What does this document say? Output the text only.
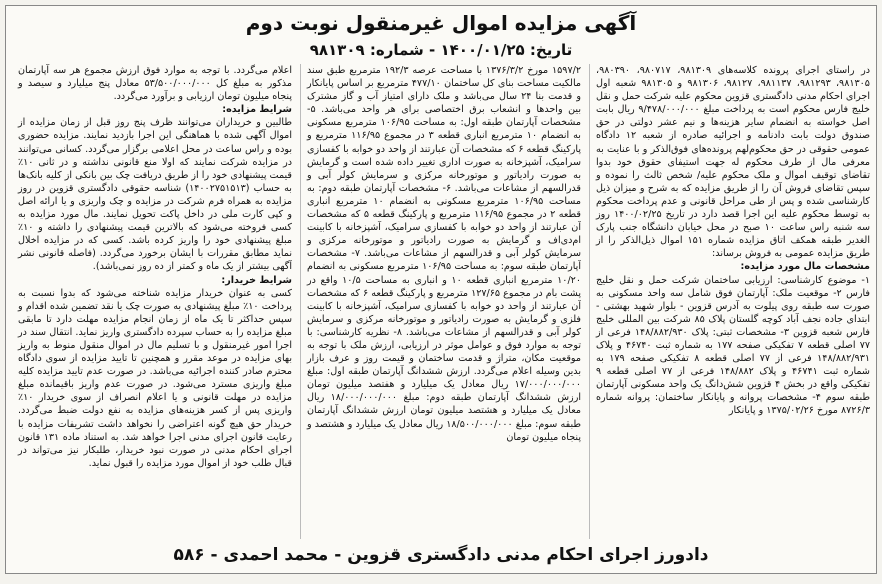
آگهی مزایده اموال غیرمنقول نوبت دوم
تاریخ: ۱۴۰۰/۰۱/۲۵ - شماره: ۹۸۱۳۰۹

در راستای اجرای پرونده کلاسه‌های ۹۸۱۳۰۹، ۹۸۰۷۱۷، ۹۸۰۳۹۰، ۹۸۱۳۰۵، ۹۸۱۲۹۳، ۹۸۱۱۳۷، ۹۸۱۲۷، ۹۸۱۳۰۶ و ۹۸۱۳۰۵ شعبه اول اجرای احکام مدنی دادگستری قزوین محکوم علیه شرکت حمل و نقل خلیج فارس محکوم است به پرداخت مبلغ ۹/۴۷۸/۰۰۰/۰۰۰ ریال بابت اصل خواسته به انضمام سایر هزینه‌ها و نیم عشر دولتی در حق صندوق دولت بابت دادنامه و اجرائیه صادره از شعبه ۱۲ دادگاه عمومی حقوقی در حق محکوم‌لهم پرونده‌های فوق‌الذکر و با عنایت به معرفی مال از طرف محکوم له جهت استیفای حقوق خود بدوا تقاضای توقیف اموال و ملک محکوم علیه/ شخص ثالث را نموده و سپس تقاضای فروش آن را از طریق مزایده که به شرح و میزان ذیل کارشناسی شده و پس از طی مراحل قانونی و عدم پرداخت محکوم به توسط محکوم علیه این اجرا قصد دارد در تاریخ ۱۴۰۰/۰۲/۲۵ روز سه شنبه راس ساعت ۱۰ صبح در محل خیابان دانشگاه جنب پارک الغدیر طبقه همکف اتاق مزایده شماره ۱۵۱ اموال ذیل‌الذکر را از طریق مزایده عمومی به فروش برساند:

مشخصات مال مورد مزایده:

۱- موضوع کارشناسی: ارزیابی ساختمان شرکت حمل و نقل خلیج فارس ۲- موقعیت ملک: آپارتمان فوق شامل سه واحد مسکونی به صورت سه طبقه روی پیلوت به آدرس قزوین - بلوار شهید بهشتی - ابتدای جاده نجف آباد کوچه گلستان پلاک ۸۵ شرکت بین المللی خلیج فارس شعبه قزوین ۳- مشخصات ثبتی: پلاک ۱۴۸/۸۸۲/۹۳۰ فرعی از ۷۷ اصلی قطعه ۷ تفکیکی صفحه ۱۷۷ به شماره ثبت ۴۶۷۴۰ و پلاک ۱۴۸/۸۸۲/۹۳۱ فرعی از ۷۷ اصلی قطعه ۸ تفکیکی صفحه ۱۷۹ به شماره ثبت ۴۶۷۴۱ و پلاک ۱۴۸/۸۸۲ فرعی از ۷۷ اصلی قطعه ۹ تفکیکی واقع در بخش ۴ قزوین شش‌دانگ یک واحد مسکونی آپارتمان طبقه سوم ۴- مشخصات پروانه و پایانکار ساختمان: پروانه شماره ۸۷۲۶/۳ مورخ ۱۳۷۵/۰۲/۲۶ و پایانکار

۱۵۹۷/۲ مورخ ۱۳۷۶/۳/۲ با مساحت عرصه ۱۹۲/۳ مترمربع طبق سند مالکیت مساحت بنای کل ساختمان ۴۷۷/۱۰ مترمربع بر اساس پایانکار و قدمت بنا ۲۴ سال می‌باشد و ملک دارای امتیاز آب و گاز مشترک بین واحدها و انشعاب برق اختصاصی برای هر واحد می‌باشد. ۵- مشخصات آپارتمان طبقه اول: به مساحت ۱۰۶/۹۵ مترمربع مسکونی به انضمام ۱۰ مترمربع انباری قطعه ۳ در مجموع ۱۱۶/۹۵ مترمربع و پارکینگ قطعه ۶ که مشخصات آن عبارتند از واحد دو خوابه با کفسازی سرامیک، آشپزخانه به صورت اداری تغییر داده شده است و گرمایش به صورت رادیاتور و موتورخانه مرکزی و سرمایش کولر آبی و قدرالسهم از مشاعات می‌باشد. ۶- مشخصات آپارتمان طبقه دوم: به مساحت ۱۰۶/۹۵ مترمربع مسکونی به انضمام ۱۰ مترمربع انباری قطعه ۲ در مجموع ۱۱۶/۹۵ مترمربع و پارکینگ قطعه ۵ که مشخصات آن عبارتند از واحد دو خوابه با کفسازی سرامیک، آشپزخانه با کابینت ام‌دی‌اف و گرمایش به صورت رادیاتور و موتورخانه مرکزی و سرمایش کولر آبی و قدرالسهم از مشاعات می‌باشد. ۷- مشخصات آپارتمان طبقه سوم: به مساحت ۱۰۶/۹۵ مترمربع مسکونی به انضمام ۱۰/۲۰ مترمربع انباری قطعه ۱۰ و انباری به مساحت ۱۰/۵ واقع در پشت بام در مجموع ۱۲۷/۶۵ مترمربع و پارکینگ قطعه ۶ که مشخصات آن عبارتند از واحد دو خوابه با کفسازی سرامیک، آشپزخانه با کابینت فلزی و گرمایش به صورت رادیاتور و موتورخانه مرکزی و سرمایش کولر آبی و قدرالسهم از مشاعات می‌باشد. ۸- نظریه کارشناسی: با توجه به موارد فوق و عوامل موثر در ارزیابی، ارزش ملک با توجه به موقعیت مکان، متراژ و قدمت ساختمان و قیمت روز و عرف بازار بدین وسیله اعلام می‌گردد. ارزش ششدانگ آپارتمان طبقه اول: مبلغ ۱۷/۰۰۰/۰۰۰/۰۰۰ ریال معادل یک میلیارد و هفتصد میلیون تومان ارزش ششدانگ آپارتمان طبقه دوم: مبلغ ۱۸/۰۰۰/۰۰۰/۰۰۰ ریال معادل یک میلیارد و هشتصد میلیون تومان ارزش ششدانگ آپارتمان طبقه سوم: مبلغ ۱۸/۵۰۰/۰۰۰/۰۰۰ ریال معادل یک میلیارد و هشتصد و پنجاه میلیون تومان

اعلام می‌گردد. با توجه به موارد فوق ارزش مجموع هر سه آپارتمان مذکور به مبلغ کل ۵۳/۵۰۰/۰۰۰/۰۰۰ معادل پنج میلیارد و سیصد و پنجاه میلیون تومان ارزیابی و برآورد می‌گردد.

شرایط مزایده:

طالبین و خریداران می‌توانند ظرف پنج روز قبل از زمان مزایده از اموال آگهی شده با هماهنگی این اجرا بازدید نمایند. مزایده حضوری بوده و راس ساعت در محل اعلامی برگزار می‌گردد. کسانی می‌توانند در مزایده شرکت نمایند که اولا منع قانونی نداشته و در ثانی ۱۰٪ قیمت پیشنهادی خود را از طریق دریافت چک بین بانکی از کلیه بانک‌ها به حساب (۱۴۰۰۲۷۵۱۵۱۳) شناسه حقوقی دادگستری قزوین در روز مزایده به همراه فرم شرکت در مزایده و چک واریزی و یا ارائه اصل و کپی کارت ملی در داخل پاکت تحویل نمایند. مال مورد مزایده به کسی فروخته می‌شود که بالاترین قیمت پیشنهادی را داشته و ۱۰٪ مبلغ پیشنهادی خود را واریز کرده باشد. کسی که در مزایده اخلال نماید مطابق مقررات با ایشان برخورد می‌گردد. (فاصله قانونی نشر آگهی بیشتر از یک ماه و کمتر از ده روز نمی‌باشد).

شرایط خریدار:

کسی به عنوان خریدار مزایده شناخته می‌شود که بدوا نسبت به پرداخت ۱۰٪ مبلغ پیشنهادی به صورت چک یا نقد تضمین شده اقدام و سپس حداکثر تا یک ماه از زمان انجام مزایده مهلت دارد تا مابقی مبلغ مزایده را به حساب سپرده دادگستری واریز نماید. انتقال سند در اجرا امور غیرمنقول و با تسلیم مال در اموال منقول منوط به واریز بهای مزایده در موعد مقرر و همچنین تا تایید مزایده از سوی دادگاه محترم صادر کننده اجرائیه می‌باشد. در صورت عدم تایید مزایده کلیه مبلغ واریزی مسترد می‌شود. در صورت عدم واریز باقیمانده مبلغ مزایده در مهلت قانونی و یا اعلام انصراف از سوی خریدار ۱۰٪ واریزی پس از کسر هزینه‌های مزایده به نفع دولت ضبط می‌گردد. خریدار حق هیچ گونه اعتراضی را نخواهد داشت تشریفات مزایده با رعایت قانون اجرای مدنی اجرا خواهد شد. به استناد ماده ۱۳۱ قانون اجرای احکام مدنی در صورت نبود خریدار، طلبکار نیز می‌تواند در قبال طلب خود از اموال مورد مزایده را قبول نماید.

دادورز اجرای احکام مدنی دادگستری قزوین - محمد احمدی - ۵۸۶
